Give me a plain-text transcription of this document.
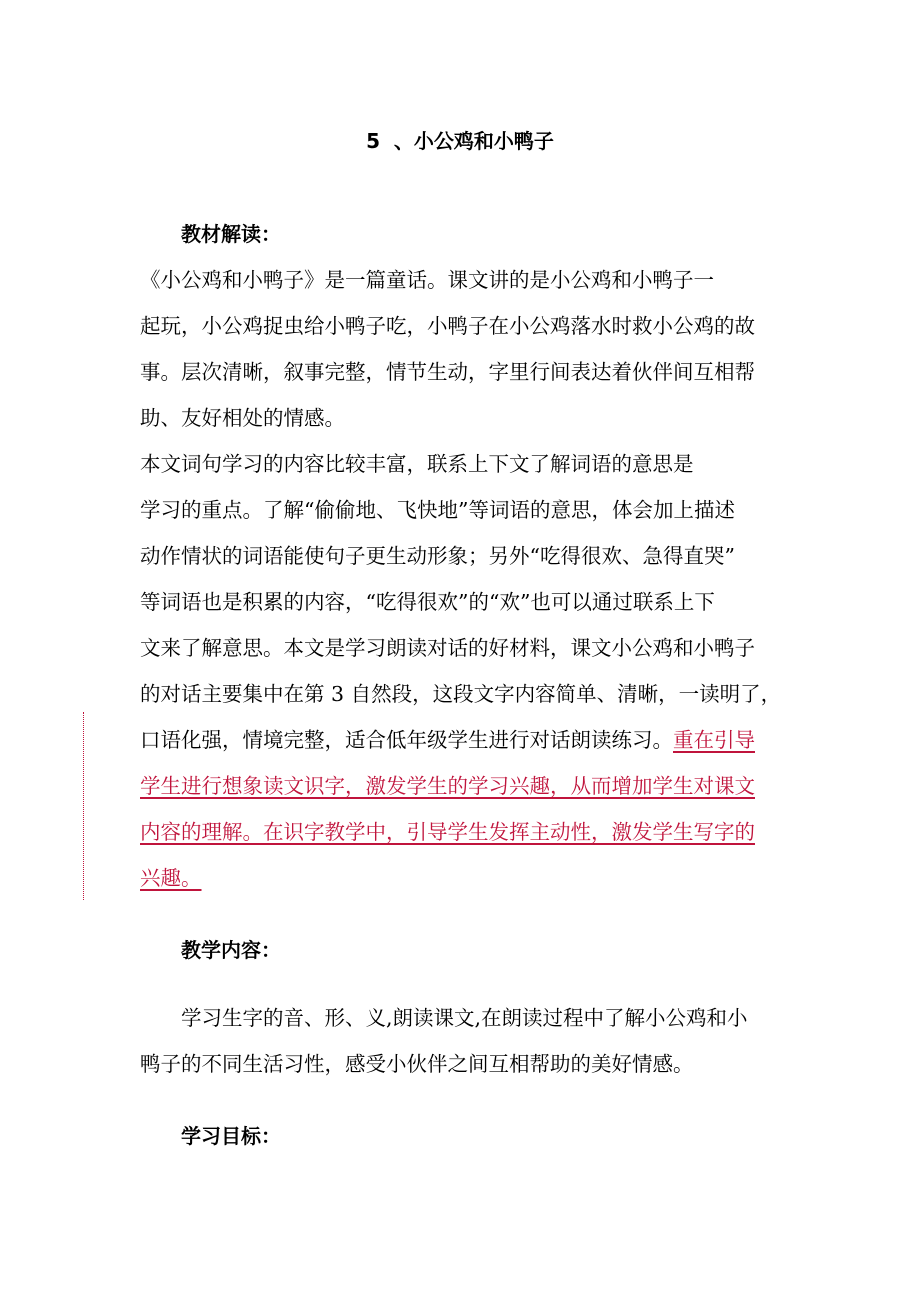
5  、小公鸡和小鸭子
教材解读：
《小公鸡和小鸭子》是一篇童话。课文讲的是小公鸡和小鸭子一
起玩，小公鸡捉虫给小鸭子吃，小鸭子在小公鸡落水时救小公鸡的故
事。层次清晰，叙事完整，情节生动，字里行间表达着伙伴间互相帮
助、友好相处的情感。
本文词句学习的内容比较丰富，联系上下文了解词语的意思是
学习的重点。了解“偷偷地、飞快地”等词语的意思，体会加上描述
动作情状的词语能使句子更生动形象；另外“吃得很欢、急得直哭”
等词语也是积累的内容，“吃得很欢”的“欢”也可以通过联系上下
文来了解意思。本文是学习朗读对话的好材料，课文小公鸡和小鸭子
的对话主要集中在第 3 自然段，这段文字内容简单、清晰，一读明了，
口语化强，情境完整，适合低年级学生进行对话朗读练习。重在引导
学生进行想象读文识字，激发学生的学习兴趣，从而增加学生对课文
内容的理解。在识字教学中，引导学生发挥主动性，激发学生写字的
兴趣。
教学内容：
学习生字的音、形、义,朗读课文,在朗读过程中了解小公鸡和小
鸭子的不同生活习性，感受小伙伴之间互相帮助的美好情感。
学习目标：
